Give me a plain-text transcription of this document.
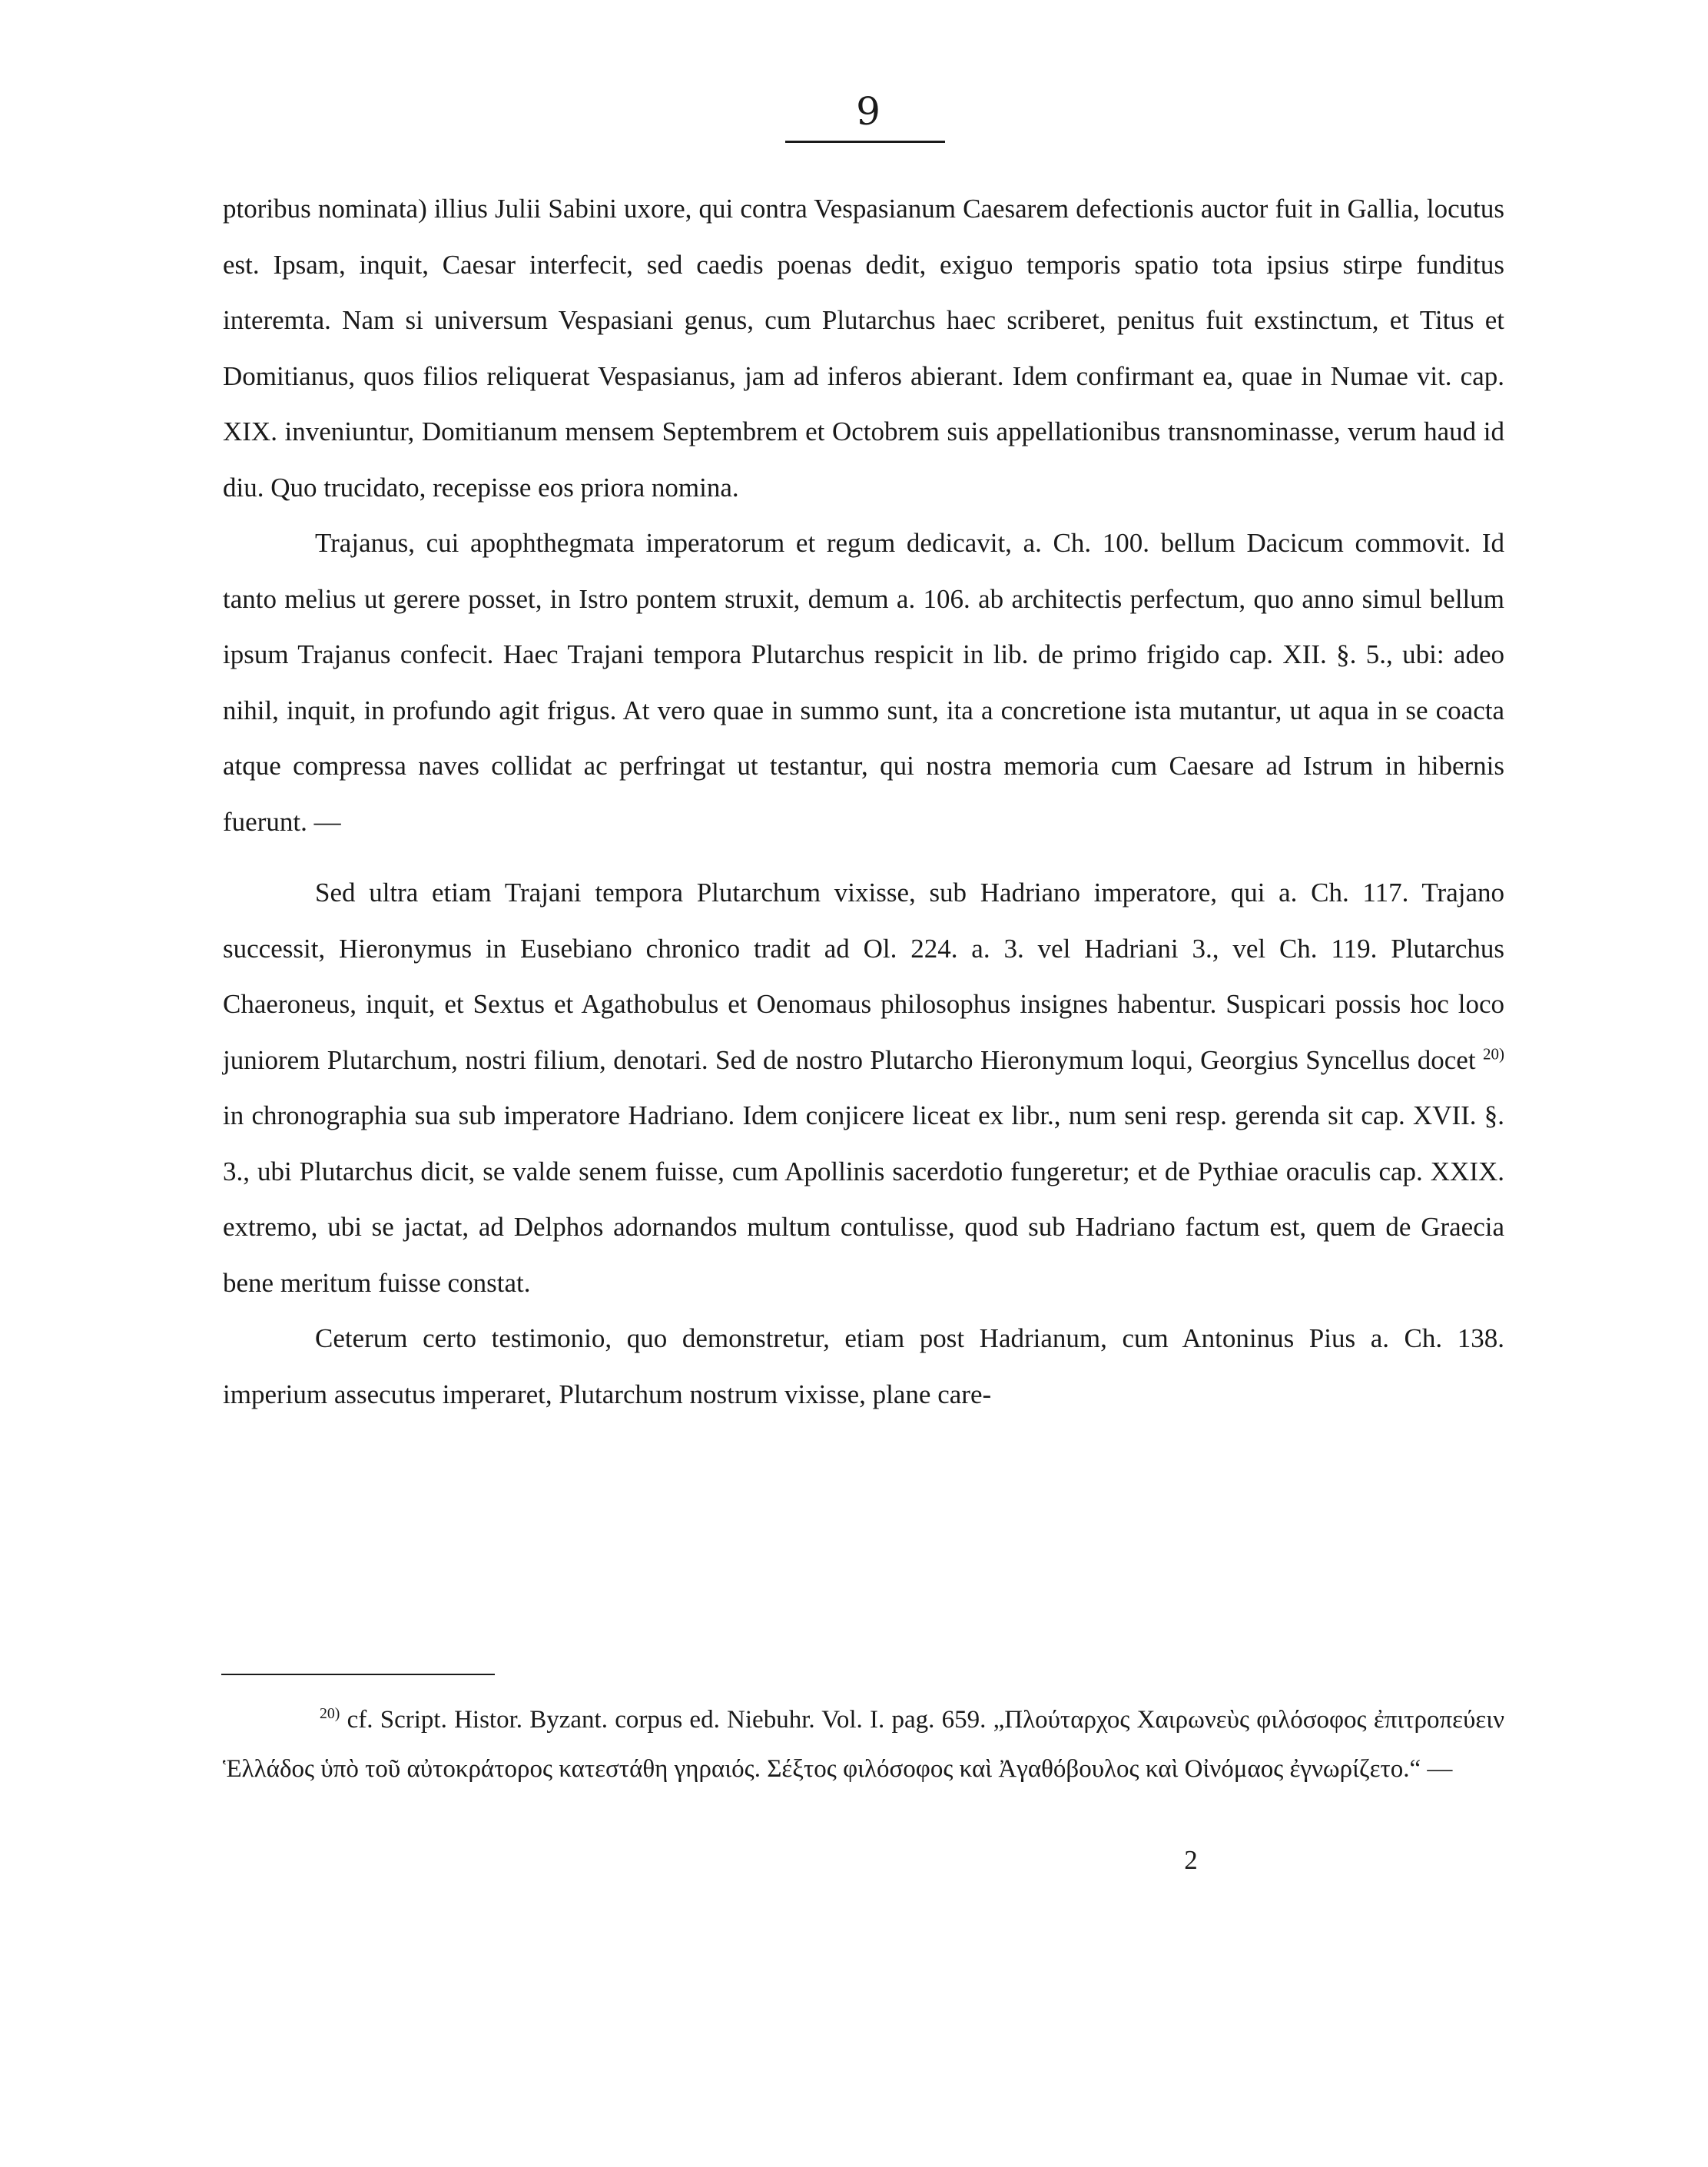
9

ptoribus nominata) illius Julii Sabini uxore, qui contra Vespasianum Caesarem defectionis auctor fuit in Gallia, locutus est. Ipsam, inquit, Caesar interfecit, sed caedis poenas dedit, exiguo temporis spatio tota ipsius stirpe funditus interemta. Nam si universum Vespasiani genus, cum Plutarchus haec scriberet, penitus fuit exstinctum, et Titus et Domitianus, quos filios reliquerat Vespasianus, jam ad inferos abierant. Idem confirmant ea, quae in Numae vit. cap. XIX. inveniuntur, Domitianum mensem Septembrem et Octobrem suis appellationibus transnominasse, verum haud id diu. Quo trucidato, recepisse eos priora nomina.

Trajanus, cui apophthegmata imperatorum et regum dedicavit, a. Ch. 100. bellum Dacicum commovit. Id tanto melius ut gerere posset, in Istro pontem struxit, demum a. 106. ab architectis perfectum, quo anno simul bellum ipsum Trajanus confecit. Haec Trajani tempora Plutarchus respicit in lib. de primo frigido cap. XII. §. 5., ubi: adeo nihil, inquit, in profundo agit frigus. At vero quae in summo sunt, ita a concretione ista mutantur, ut aqua in se coacta atque compressa naves collidat ac perfringat ut testantur, qui nostra memoria cum Caesare ad Istrum in hibernis fuerunt. —

Sed ultra etiam Trajani tempora Plutarchum vixisse, sub Hadriano imperatore, qui a. Ch. 117. Trajano successit, Hieronymus in Eusebiano chronico tradit ad Ol. 224. a. 3. vel Hadriani 3., vel Ch. 119. Plutarchus Chaeroneus, inquit, et Sextus et Agathobulus et Oenomaus philosophus insignes habentur. Suspicari possis hoc loco juniorem Plutarchum, nostri filium, denotari. Sed de nostro Plutarcho Hieronymum loqui, Georgius Syncellus docet $^{20)}$ in chronographia sua sub imperatore Hadriano. Idem conjicere liceat ex libr., num seni resp. gerenda sit cap. XVII. §. 3., ubi Plutarchus dicit, se valde senem fuisse, cum Apollinis sacerdotio fungeretur; et de Pythiae oraculis cap. XXIX. extremo, ubi se jactat, ad Delphos adornandos multum contulisse, quod sub Hadriano factum est, quem de Graecia bene meritum fuisse constat.

Ceterum certo testimonio, quo demonstretur, etiam post Hadrianum, cum Antoninus Pius a. Ch. 138. imperium assecutus imperaret, Plutarchum nostrum vixisse, plane care-

$^{20)}$ cf. Script. Histor. Byzant. corpus ed. Niebuhr. Vol. I. pag. 659. „Πλούταρχος Χαιρωνεὺς φιλόσοφος ἐπιτροπεύειν Ἑλλάδος ὑπὸ τοῦ αὐτοκράτορος κατεστάθη γηραιός. Σέξτος φιλόσοφος καὶ Ἀγαθόβουλος καὶ Οἰνόμαος ἐγνωρίζετο.“ —
2
